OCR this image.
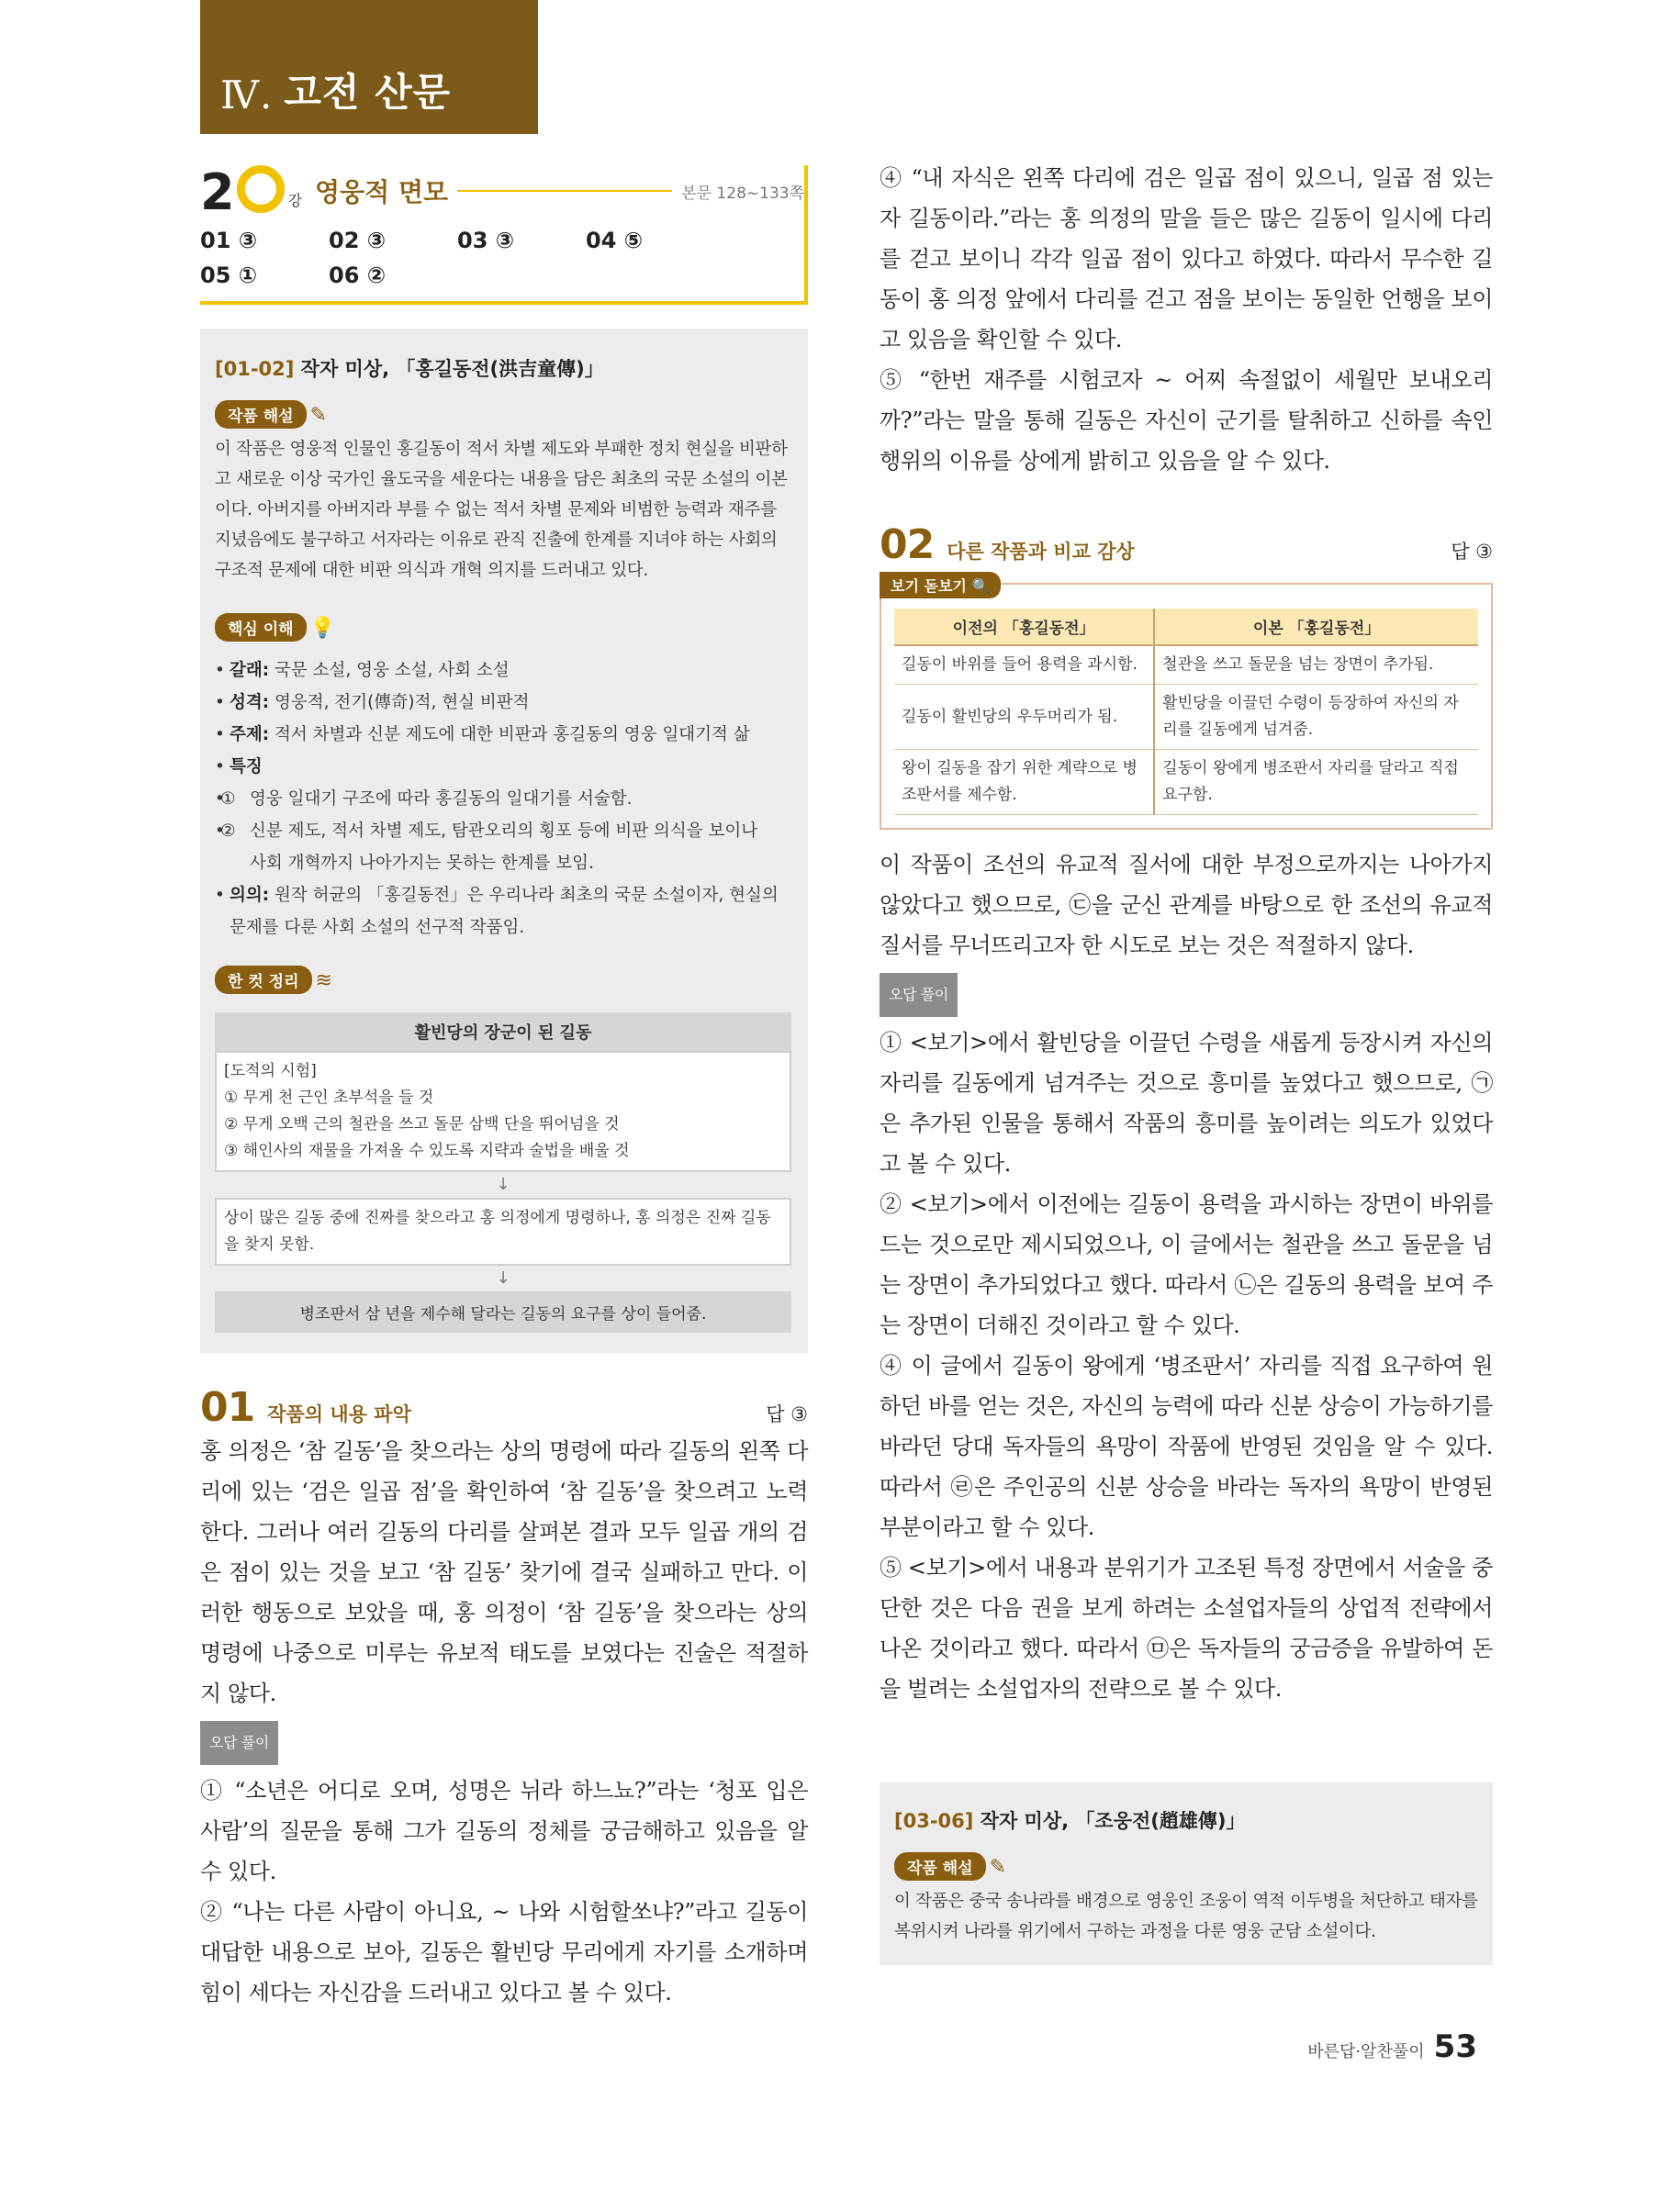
Ⅳ. 고전 산문
2	강 영웅적 면모	본문 128~133쪽
01 ③	02 ③	03 ③	04 ⑤
05 ①	06 ②
[01-02] 작자 미상, 「홍길동전(洪吉童傳)」
작품 해설 ✎
이 작품은 영웅적 인물인 홍길동이 적서 차별 제도와 부패한 정치 현실을 비판하고 새로운 이상 국가인 율도국을 세운다는 내용을 담은 최초의 국문 소설의 이본이다. 아버지를 아버지라 부를 수 없는 적서 차별 문제와 비범한 능력과 재주를 지녔음에도 불구하고 서자라는 이유로 관직 진출에 한계를 지녀야 하는 사회의 구조적 문제에 대한 비판 의식과 개혁 의지를 드러내고 있다.
핵심 이해 💡
• 갈래: 국문 소설, 영웅 소설, 사회 소설
• 성격: 영웅적, 전기(傳奇)적, 현실 비판적
• 주제: 적서 차별과 신분 제도에 대한 비판과 홍길동의 영웅 일대기적 삶
• 특징
• ① 영웅 일대기 구조에 따라 홍길동의 일대기를 서술함.
• ② 신분 제도, 적서 차별 제도, 탐관오리의 횡포 등에 비판 의식을 보이나
사회 개혁까지 나아가지는 못하는 한계를 보임.
• 의의: 원작 허균의 「홍길동전」은 우리나라 최초의 국문 소설이자, 현실의 문제를 다룬 사회 소설의 선구적 작품임.
한 컷 정리 ≋
활빈당의 장군이 된 길동
[도적의 시험]
① 무게 천 근인 초부석을 들 것
② 무게 오백 근의 철관을 쓰고 돌문 삼백 단을 뛰어넘을 것
③ 해인사의 재물을 가져올 수 있도록 지략과 술법을 배울 것
↓
상이 많은 길동 중에 진짜를 찾으라고 홍 의정에게 명령하나, 홍 의정은 진짜 길동을 찾지 못함.
↓
병조판서 삼 년을 제수해 달라는 길동의 요구를 상이 들어줌.
01 작품의 내용 파악	답 ③

홍 의정은 ‘참 길동’을 찾으라는 상의 명령에 따라 길동의 왼쪽 다리에 있는 ‘검은 일곱 점’을 확인하여 ‘참 길동’을 찾으려고 노력한다. 그러나 여러 길동의 다리를 살펴본 결과 모두 일곱 개의 검은 점이 있는 것을 보고 ‘참 길동’ 찾기에 결국 실패하고 만다. 이러한 행동으로 보았을 때, 홍 의정이 ‘참 길동’을 찾으라는 상의 명령에 나중으로 미루는 유보적 태도를 보였다는 진술은 적절하지 않다.

오답 풀이

① “소년은 어디로 오며, 성명은 뉘라 하느뇨?”라는 ‘청포 입은 사람’의 질문을 통해 그가 길동의 정체를 궁금해하고 있음을 알 수 있다.

② “나는 다른 사람이 아니요, ~ 나와 시험할쏘냐?”라고 길동이 대답한 내용으로 보아, 길동은 활빈당 무리에게 자기를 소개하며 힘이 세다는 자신감을 드러내고 있다고 볼 수 있다.

④ “내 자식은 왼쪽 다리에 검은 일곱 점이 있으니, 일곱 점 있는 자 길동이라.”라는 홍 의정의 말을 들은 많은 길동이 일시에 다리를 걷고 보이니 각각 일곱 점이 있다고 하였다. 따라서 무수한 길동이 홍 의정 앞에서 다리를 걷고 점을 보이는 동일한 언행을 보이고 있음을 확인할 수 있다.

⑤ “한번 재주를 시험코자 ~ 어찌 속절없이 세월만 보내오리까?”라는 말을 통해 길동은 자신이 군기를 탈취하고 신하를 속인 행위의 이유를 상에게 밝히고 있음을 알 수 있다.

02 다른 작품과 비교 감상	답 ③
보기 돋보기 🔍
이전의 「홍길동전」	이본 「홍길동전」
길동이 바위를 들어 용력을 과시함.	철관을 쓰고 돌문을 넘는 장면이 추가됨.
길동이 활빈당의 우두머리가 됨.	활빈당을 이끌던 수령이 등장하여 자신의 자리를 길동에게 넘겨줌.
왕이 길동을 잡기 위한 계략으로 병조판서를 제수함.	길동이 왕에게 병조판서 자리를 달라고 직접 요구함.

이 작품이 조선의 유교적 질서에 대한 부정으로까지는 나아가지 않았다고 했으므로, ㉢을 군신 관계를 바탕으로 한 조선의 유교적 질서를 무너뜨리고자 한 시도로 보는 것은 적절하지 않다.

오답 풀이

① <보기>에서 활빈당을 이끌던 수령을 새롭게 등장시켜 자신의 자리를 길동에게 넘겨주는 것으로 흥미를 높였다고 했으므로, ㉠은 추가된 인물을 통해서 작품의 흥미를 높이려는 의도가 있었다고 볼 수 있다.

② <보기>에서 이전에는 길동이 용력을 과시하는 장면이 바위를 드는 것으로만 제시되었으나, 이 글에서는 철관을 쓰고 돌문을 넘는 장면이 추가되었다고 했다. 따라서 ㉡은 길동의 용력을 보여 주는 장면이 더해진 것이라고 할 수 있다.

④ 이 글에서 길동이 왕에게 ‘병조판서’ 자리를 직접 요구하여 원하던 바를 얻는 것은, 자신의 능력에 따라 신분 상승이 가능하기를 바라던 당대 독자들의 욕망이 작품에 반영된 것임을 알 수 있다. 따라서 ㉣은 주인공의 신분 상승을 바라는 독자의 욕망이 반영된 부분이라고 할 수 있다.

⑤ <보기>에서 내용과 분위기가 고조된 특정 장면에서 서술을 중단한 것은 다음 권을 보게 하려는 소설업자들의 상업적 전략에서 나온 것이라고 했다. 따라서 ㉤은 독자들의 궁금증을 유발하여 돈을 벌려는 소설업자의 전략으로 볼 수 있다.

[03-06] 작자 미상, 「조웅전(趙雄傳)」
작품 해설 ✎
이 작품은 중국 송나라를 배경으로 영웅인 조웅이 역적 이두병을 처단하고 태자를 복위시켜 나라를 위기에서 구하는 과정을 다룬 영웅 군담 소설이다.
바른답·알찬풀이 53
